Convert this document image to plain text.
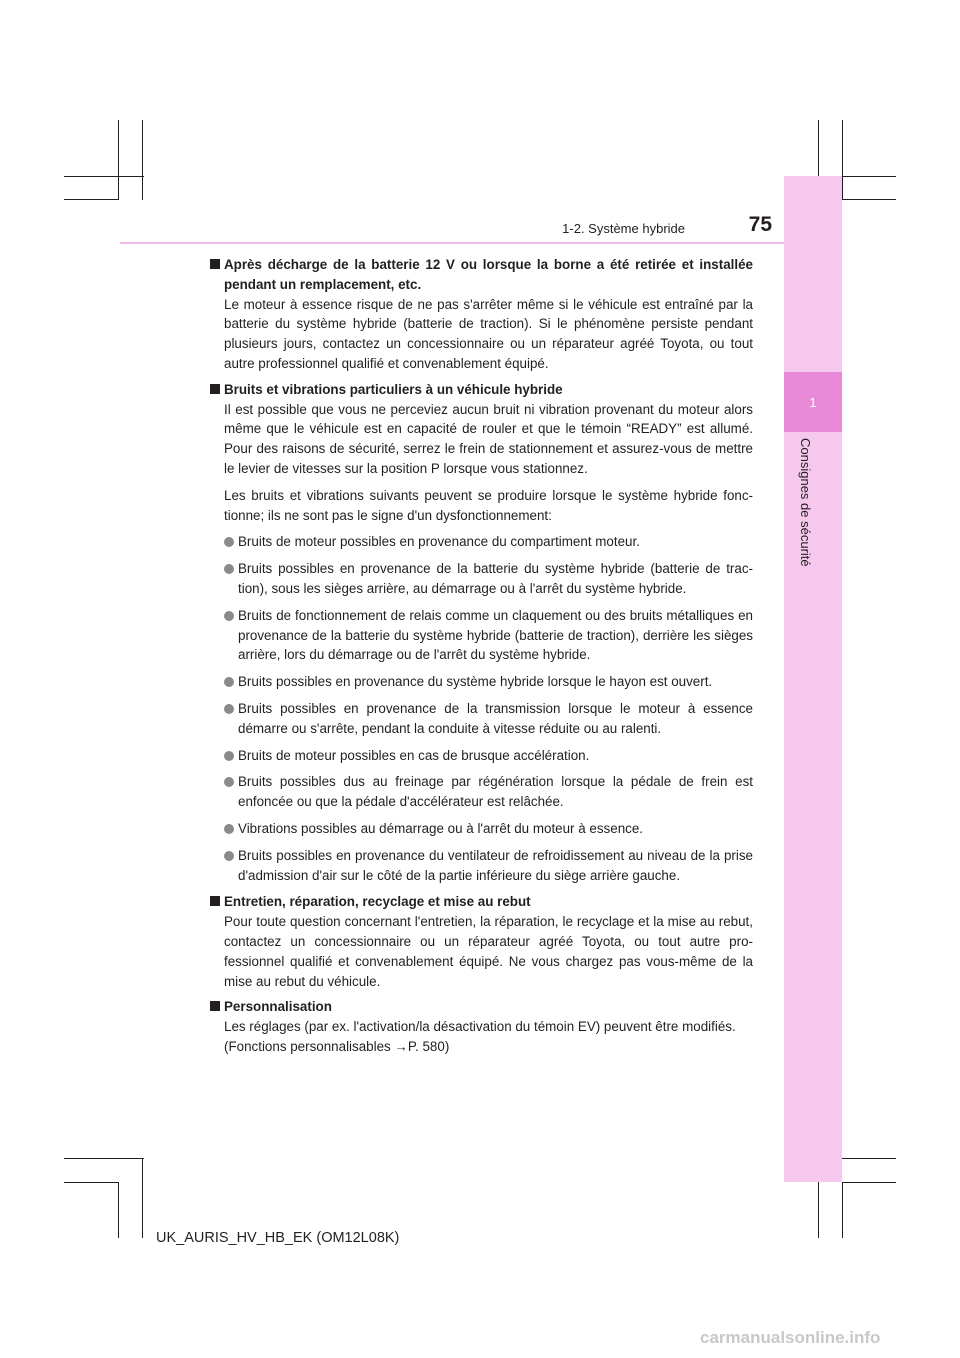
1
Consignes de sécurité
1-2. Système hybride	75
Après décharge de la batterie 12 V ou lorsque la borne a été retirée et installée pendant un remplacement, etc.
Le moteur à essence risque de ne pas s'arrêter même si le véhicule est entraîné par la batterie du système hybride (batterie de traction). Si le phénomène persiste pendant plusieurs jours, contactez un concessionnaire ou un réparateur agréé Toyota, ou tout autre professionnel qualifié et convenablement équipé.
Bruits et vibrations particuliers à un véhicule hybride
Il est possible que vous ne perceviez aucun bruit ni vibration provenant du moteur alors même que le véhicule est en capacité de rouler et que le témoin “READY” est allumé. Pour des raisons de sécurité, serrez le frein de stationnement et assurez-vous de mettre le levier de vitesses sur la position P lorsque vous stationnez.
Les bruits et vibrations suivants peuvent se produire lorsque le système hybride fonc-tionne; ils ne sont pas le signe d'un dysfonctionnement:
Bruits de moteur possibles en provenance du compartiment moteur.
Bruits possibles en provenance de la batterie du système hybride (batterie de trac-tion), sous les sièges arrière, au démarrage ou à l'arrêt du système hybride.
Bruits de fonctionnement de relais comme un claquement ou des bruits métalliques en provenance de la batterie du système hybride (batterie de traction), derrière les sièges arrière, lors du démarrage ou de l'arrêt du système hybride.
Bruits possibles en provenance du système hybride lorsque le hayon est ouvert.
Bruits possibles en provenance de la transmission lorsque le moteur à essence démarre ou s'arrête, pendant la conduite à vitesse réduite ou au ralenti.
Bruits de moteur possibles en cas de brusque accélération.
Bruits possibles dus au freinage par régénération lorsque la pédale de frein est enfoncée ou que la pédale d'accélérateur est relâchée.
Vibrations possibles au démarrage ou à l'arrêt du moteur à essence.
Bruits possibles en provenance du ventilateur de refroidissement au niveau de la prise d'admission d'air sur le côté de la partie inférieure du siège arrière gauche.
Entretien, réparation, recyclage et mise au rebut
Pour toute question concernant l'entretien, la réparation, le recyclage et la mise au rebut, contactez un concessionnaire ou un réparateur agréé Toyota, ou tout autre pro-fessionnel qualifié et convenablement équipé. Ne vous chargez pas vous-même de la mise au rebut du véhicule.
Personnalisation
Les réglages (par ex. l'activation/la désactivation du témoin EV) peuvent être modifiés.
(Fonctions personnalisables →P. 580)
UK_AURIS_HV_HB_EK (OM12L08K)
carmanualsonline.info
